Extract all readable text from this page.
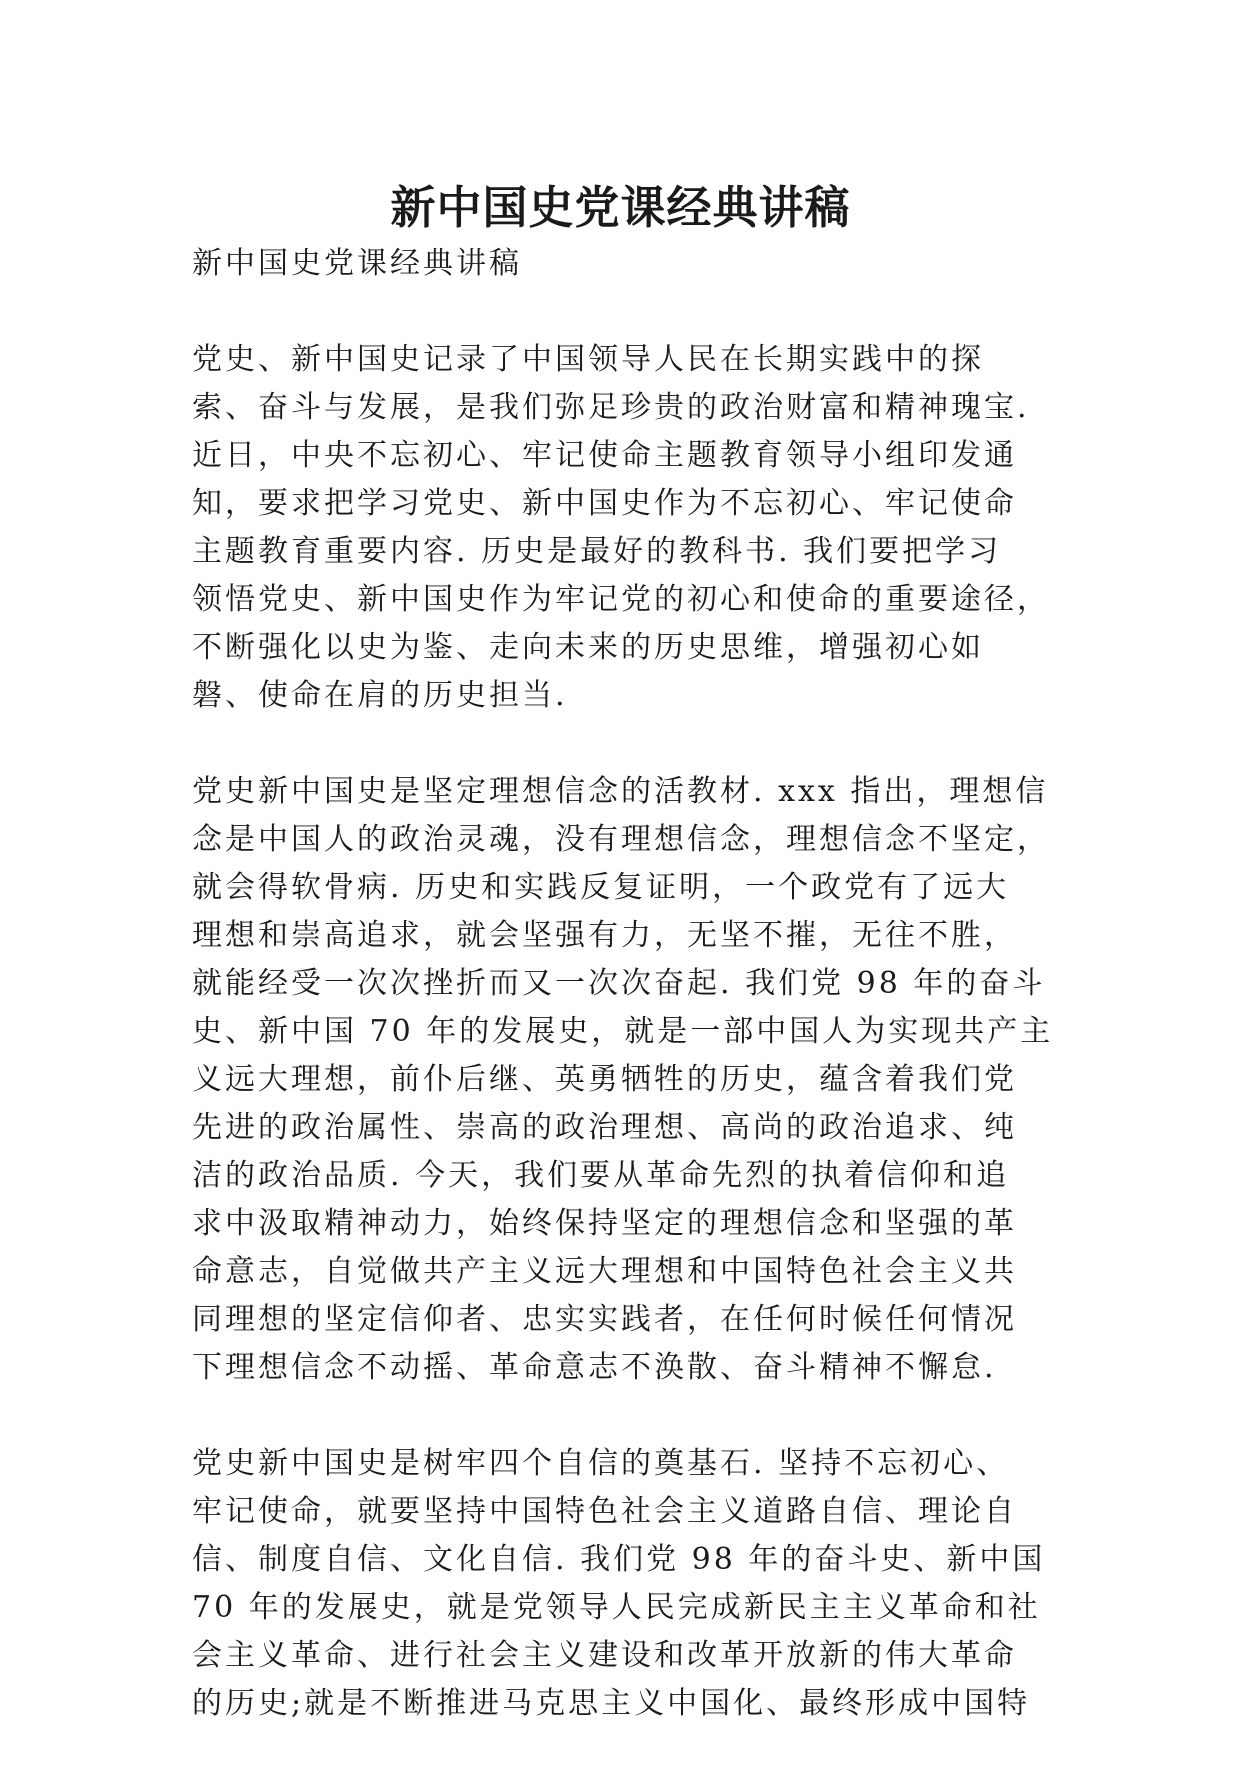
新中国史党课经典讲稿
新中国史党课经典讲稿
党史、新中国史记录了中国领导人民在长期实践中的探
索、奋斗与发展，是我们弥足珍贵的政治财富和精神瑰宝.
近日，中央不忘初心、牢记使命主题教育领导小组印发通
知，要求把学习党史、新中国史作为不忘初心、牢记使命
主题教育重要内容. 历史是最好的教科书. 我们要把学习
领悟党史、新中国史作为牢记党的初心和使命的重要途径，
不断强化以史为鉴、走向未来的历史思维，增强初心如
磐、使命在肩的历史担当.
党史新中国史是坚定理想信念的活教材. xxx 指出，理想信
念是中国人的政治灵魂，没有理想信念，理想信念不坚定，
就会得软骨病. 历史和实践反复证明，一个政党有了远大
理想和崇高追求，就会坚强有力，无坚不摧，无往不胜，
就能经受一次次挫折而又一次次奋起. 我们党 98 年的奋斗
史、新中国 70 年的发展史，就是一部中国人为实现共产主
义远大理想，前仆后继、英勇牺牲的历史，蕴含着我们党
先进的政治属性、崇高的政治理想、高尚的政治追求、纯
洁的政治品质. 今天，我们要从革命先烈的执着信仰和追
求中汲取精神动力，始终保持坚定的理想信念和坚强的革
命意志，自觉做共产主义远大理想和中国特色社会主义共
同理想的坚定信仰者、忠实实践者，在任何时候任何情况
下理想信念不动摇、革命意志不涣散、奋斗精神不懈怠.
党史新中国史是树牢四个自信的奠基石. 坚持不忘初心、
牢记使命，就要坚持中国特色社会主义道路自信、理论自
信、制度自信、文化自信. 我们党 98 年的奋斗史、新中国
70 年的发展史，就是党领导人民完成新民主主义革命和社
会主义革命、进行社会主义建设和改革开放新的伟大革命
的历史;就是不断推进马克思主义中国化、最终形成中国特
